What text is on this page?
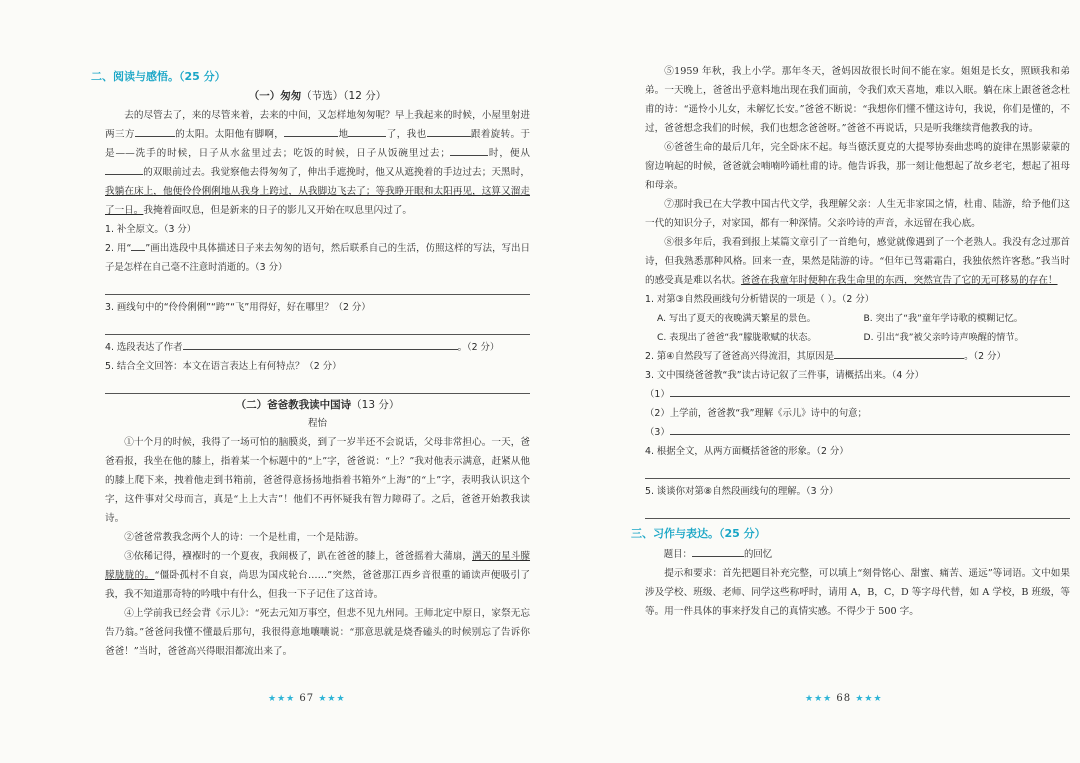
二、阅读与感悟。（25 分）
（一）匆匆（节选）（12 分）

去的尽管去了，来的尽管来着，去来的中间，又怎样地匆匆呢？早上我起来的时候，小屋里射进两三方	的太阳。太阳他有脚啊，	地	了，我也	跟着旋转。于是——洗手的时候，日子从水盆里过去；吃饭的时候，日子从饭碗里过去；	时，便从的双眼前过去。我觉察他去得匆匆了，伸出手遮挽时，他又从遮挽着的手边过去；天黑时，我躺在床上，他便伶伶俐俐地从我身上跨过，从我脚边飞去了；等我睁开眼和太阳再见，这算又溜走了一日。我掩着面叹息，但是新来的日子的影儿又开始在叹息里闪过了。

1. 补全原文。（3 分）

2. 用“ ”画出选段中具体描述日子来去匆匆的语句，然后联系自己的生活，仿照这样的写法，写出日子是怎样在自己毫不注意时消逝的。（3 分）

3. 画线句中的“伶伶俐俐”“跨”“飞”用得好，好在哪里？（2 分）

4. 选段表达了作者	。（2 分）

5. 结合全文回答：本文在语言表达上有何特点？（2 分）

（二）爸爸教我读中国诗（13 分）
程怡

①十个月的时候，我得了一场可怕的脑膜炎，到了一岁半还不会说话，父母非常担心。一天，爸爸看报，我坐在他的膝上，指着某一个标题中的“上”字，爸爸说：“上？”我对他表示满意，赶紧从他的膝上爬下来，拽着他走到书箱前，爸爸得意扬扬地指着书箱外“上海”的“上”字，表明我认识这个字，这件事对父母而言，真是“上上大吉”！他们不再怀疑我有智力障碍了。之后，爸爸开始教我读诗。

②爸爸常教我念两个人的诗：一个是杜甫，一个是陆游。

③依稀记得，襁褓时的一个夏夜，我闹极了，趴在爸爸的膝上，爸爸摇着大蒲扇，满天的星斗朦朦胧胧的。“僵卧孤村不自哀，尚思为国戍轮台……”突然，爸爸那江西乡音很重的诵读声便吸引了我，我不知道那奇特的吟哦中有什么，但我一下子记住了这首诗。

④上学前我已经会背《示儿》：“死去元知万事空，但悲不见九州同。王师北定中原日，家祭无忘告乃翁。”爸爸问我懂不懂最后那句，我很得意地嚷嚷说：“那意思就是烧香磕头的时候别忘了告诉你爸爸！”当时，爸爸高兴得眼泪都流出来了。

★★★ 67 ★★★

⑤1959 年秋，我上小学。那年冬天，爸妈因故很长时间不能在家。姐姐是长女，照顾我和弟弟。一天晚上，爸爸出乎意料地出现在我们面前，令我们欢天喜地，难以入眠。躺在床上跟爸爸念杜甫的诗：“遥怜小儿女，未解忆长安。”爸爸不断说：“我想你们懂不懂这诗句，我说，你们是懂的，不过，爸爸想念我们的时候，我们也想念爸爸呀。”爸爸不再说话，只是听我继续背他教我的诗。

⑥爸爸生命的最后几年，完全卧床不起。每当德沃夏克的大提琴协奏曲悲鸣的旋律在黑影蒙蒙的窗边响起的时候，爸爸就会喃喃吟诵杜甫的诗。他告诉我，那一刻让他想起了故乡老宅，想起了祖母和母亲。

⑦那时我已在大学教中国古代文学，我理解父亲：人生无非家国之情，杜甫、陆游，给予他们这一代的知识分子，对家国，都有一种深情。父亲吟诗的声音，永远留在我心底。

⑧很多年后，我看到报上某篇文章引了一首绝句，感觉就像遇到了一个老熟人。我没有念过那首诗，但我熟悉那种风格。回来一查，果然是陆游的诗。“但年已驾霜霜白，我独依然许客愁。”我当时的感受真是难以名状。爸爸在我童年时便种在我生命里的东西，突然宣告了它的无可移易的存在！

1. 对第③自然段画线句分析错误的一项是（ ）。（2 分）

A. 写出了夏天的夜晚满天繁星的景色。	B. 突出了“我”童年学诗歌的模糊记忆。
C. 表现出了爸爸“我”朦胧歌赋的状态。	D. 引出“我”被父亲吟诗声唤醒的情节。

2. 第④自然段写了爸爸高兴得流泪，其原因是	。（2 分）

3. 文中围绕爸爸教“我”读古诗记叙了三件事，请概括出来。（4 分）

（1）

（2）上学前，爸爸教“我”理解《示儿》诗中的句意；

（3）

4. 根据全文，从两方面概括爸爸的形象。（2 分）

5. 谈谈你对第⑧自然段画线句的理解。（3 分）

三、习作与表达。（25 分）

题目：	的回忆

提示和要求：首先把题目补充完整，可以填上“刻骨铭心、甜蜜、痛苦、遥远”等词语。文中如果涉及学校、班级、老师、同学这些称呼时，请用 A，B，C，D 等字母代替，如 A 学校，B 班级，等等。用一件具体的事来抒发自己的真情实感。不得少于 500 字。

★★★ 68 ★★★
